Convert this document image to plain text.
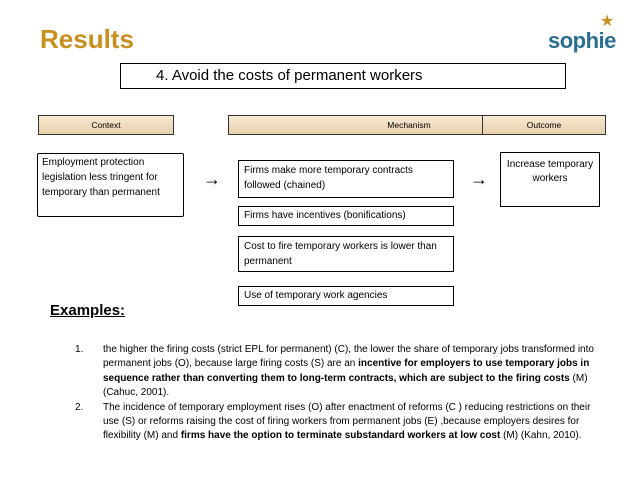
Results	sophie
★
4. Avoid the costs of permanent workers
Context	Mechanism	Outcome
Employment protection legislation less tringent for temporary than permanent
→	Firms make more temporary contracts followed (chained)
Firms have incentives (bonifications)
Cost to fire temporary workers is lower than permanent
Use of temporary work agencies
→
Increase temporary workers
Examples:
1.	the higher the firing costs (strict EPL for permanent) (C), the lower the share of temporary jobs transformed into permanent jobs (O), because large firing costs (S) are an incentive for employers to use temporary jobs in sequence rather than converting them to long-term contracts, which are subject to the firing costs (M) (Cahuc, 2001).
2.	The incidence of temporary employment rises (O) after enactment of reforms (C ) reducing restrictions on their use (S) or reforms raising the cost of firing workers from permanent jobs (E) ,because employers desires for flexibility (M) and firms have the option to terminate substandard workers at low cost (M) (Kahn, 2010).
